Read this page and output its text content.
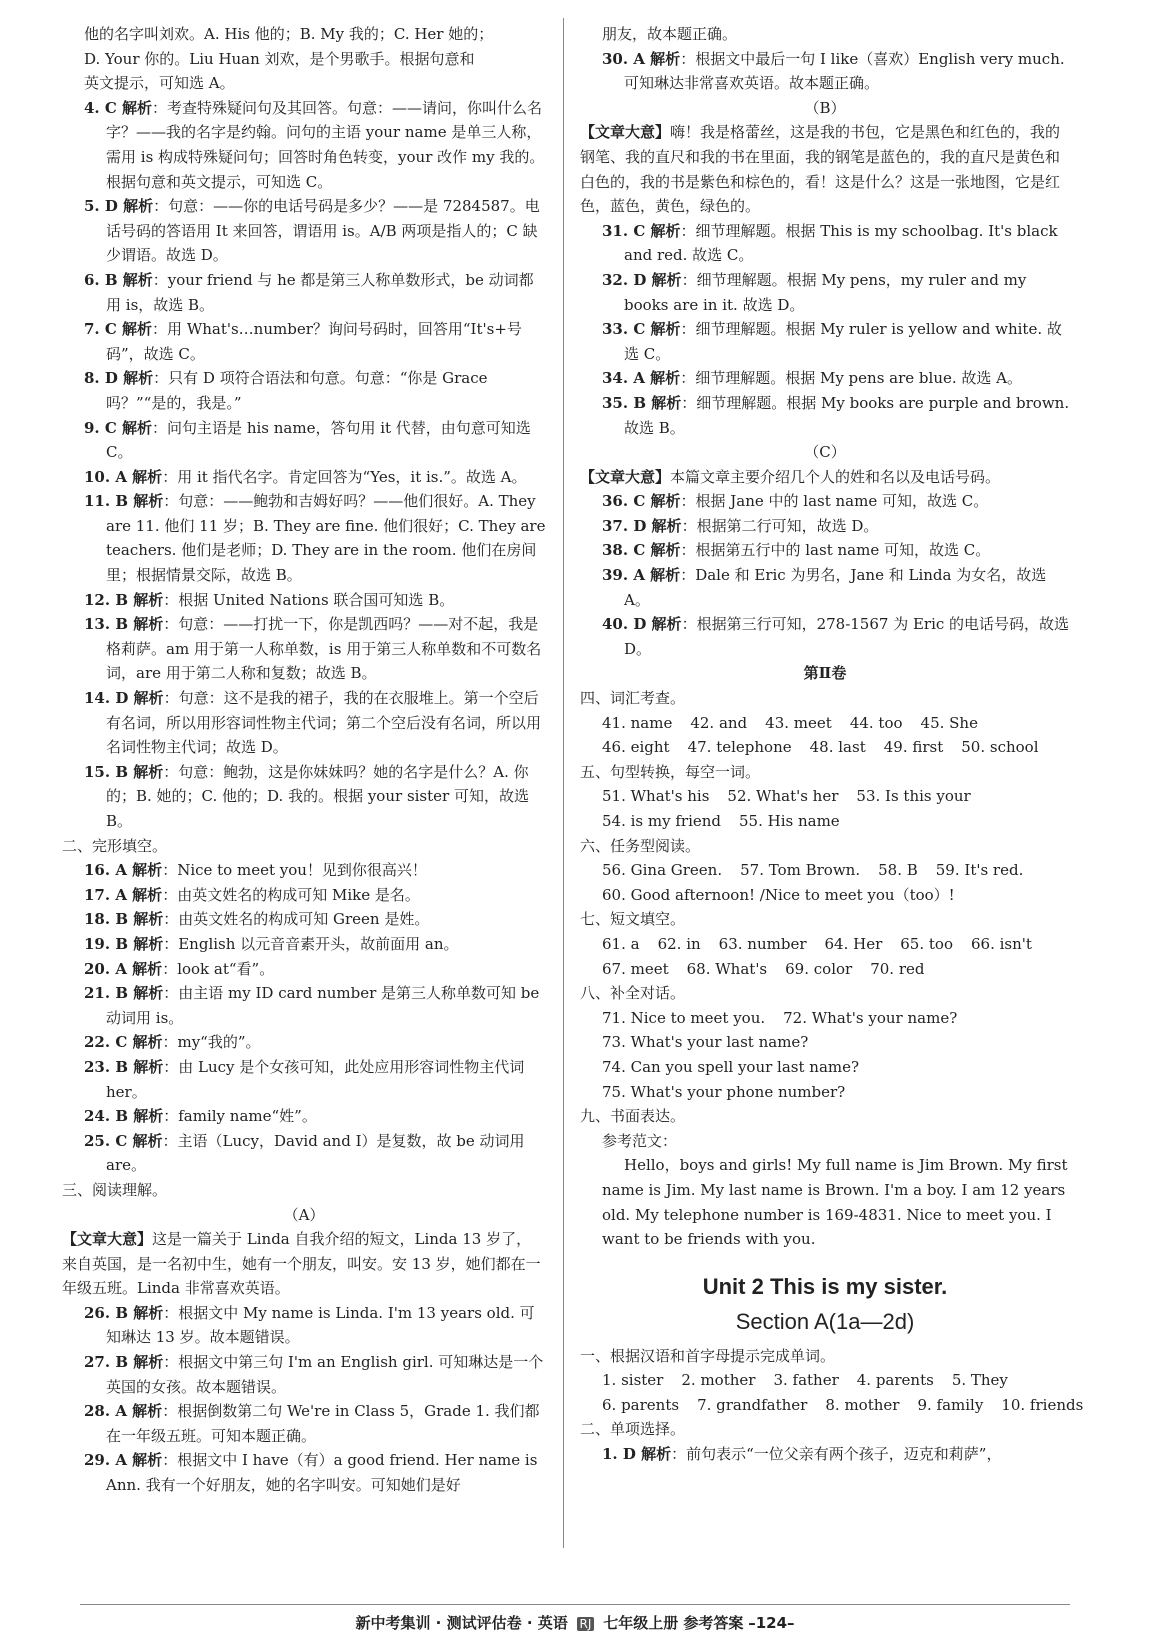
他的名字叫刘欢。A. His 他的；B. My 我的；C. Her 她的；
D. Your 你的。Liu Huan 刘欢，是个男歌手。根据句意和
英文提示，可知选 A。
4. C 解析：考查特殊疑问句及其回答。句意：——请问，你叫什么名字？——我的名字是约翰。问句的主语 your name 是单三人称，需用 is 构成特殊疑问句；回答时角色转变，your 改作 my 我的。根据句意和英文提示，可知选 C。
5. D 解析：句意：——你的电话号码是多少？——是 7284587。电话号码的答语用 It 来回答，谓语用 is。A/B 两项是指人的；C 缺少谓语。故选 D。
6. B 解析：your friend 与 he 都是第三人称单数形式，be 动词都用 is，故选 B。
7. C 解析：用 What's…number？询问号码时，回答用“It's+号码”，故选 C。
8. D 解析：只有 D 项符合语法和句意。句意：“你是 Grace 吗？”“是的，我是。”
9. C 解析：问句主语是 his name，答句用 it 代替，由句意可知选 C。
10. A 解析：用 it 指代名字。肯定回答为“Yes，it is.”。故选 A。
11. B 解析：句意：——鲍勃和吉姆好吗？——他们很好。A. They are 11. 他们 11 岁；B. They are fine. 他们很好；C. They are teachers. 他们是老师；D. They are in the room. 他们在房间里；根据情景交际，故选 B。
12. B 解析：根据 United Nations 联合国可知选 B。
13. B 解析：句意：——打扰一下，你是凯西吗？——对不起，我是格莉萨。am 用于第一人称单数，is 用于第三人称单数和不可数名词，are 用于第二人称和复数；故选 B。
14. D 解析：句意：这不是我的裙子，我的在衣服堆上。第一个空后有名词，所以用形容词性物主代词；第二个空后没有名词，所以用名词性物主代词；故选 D。
15. B 解析：句意：鲍勃，这是你妹妹吗？她的名字是什么？A. 你的；B. 她的；C. 他的；D. 我的。根据 your sister 可知，故选 B。
二、完形填空。
16. A 解析：Nice to meet you！见到你很高兴！
17. A 解析：由英文姓名的构成可知 Mike 是名。
18. B 解析：由英文姓名的构成可知 Green 是姓。
19. B 解析：English 以元音音素开头，故前面用 an。
20. A 解析：look at“看”。
21. B 解析：由主语 my ID card number 是第三人称单数可知 be 动词用 is。
22. C 解析：my“我的”。
23. B 解析：由 Lucy 是个女孩可知，此处应用形容词性物主代词 her。
24. B 解析：family name“姓”。
25. C 解析：主语（Lucy，David and I）是复数，故 be 动词用 are。
三、阅读理解。
（A）
【文章大意】这是一篇关于 Linda 自我介绍的短文，Linda 13 岁了，来自英国，是一名初中生，她有一个朋友，叫安。安 13 岁，她们都在一年级五班。Linda 非常喜欢英语。
26. B 解析：根据文中 My name is Linda. I'm 13 years old. 可知琳达 13 岁。故本题错误。
27. B 解析：根据文中第三句 I'm an English girl. 可知琳达是一个英国的女孩。故本题错误。
28. A 解析：根据倒数第二句 We're in Class 5，Grade 1. 我们都在一年级五班。可知本题正确。
29. A 解析：根据文中 I have（有）a good friend. Her name is Ann. 我有一个好朋友，她的名字叫安。可知她们是好
朋友，故本题正确。
30. A 解析：根据文中最后一句 I like（喜欢）English very much. 可知琳达非常喜欢英语。故本题正确。
（B）
【文章大意】嗨！我是格蕾丝，这是我的书包，它是黑色和红色的，我的钢笔、我的直尺和我的书在里面，我的钢笔是蓝色的，我的直尺是黄色和白色的，我的书是紫色和棕色的，看！这是什么？这是一张地图，它是红色，蓝色，黄色，绿色的。
31. C 解析：细节理解题。根据 This is my schoolbag. It's black and red. 故选 C。
32. D 解析：细节理解题。根据 My pens，my ruler and my books are in it. 故选 D。
33. C 解析：细节理解题。根据 My ruler is yellow and white. 故选 C。
34. A 解析：细节理解题。根据 My pens are blue. 故选 A。
35. B 解析：细节理解题。根据 My books are purple and brown. 故选 B。
（C）
【文章大意】本篇文章主要介绍几个人的姓和名以及电话号码。
36. C 解析：根据 Jane 中的 last name 可知，故选 C。
37. D 解析：根据第二行可知，故选 D。
38. C 解析：根据第五行中的 last name 可知，故选 C。
39. A 解析：Dale 和 Eric 为男名，Jane 和 Linda 为女名，故选 A。
40. D 解析：根据第三行可知，278-1567 为 Eric 的电话号码，故选 D。
第Ⅱ卷
四、词汇考查。
41. name 42. and 43. meet 44. too 45. She
46. eight 47. telephone 48. last 49. first 50. school
五、句型转换，每空一词。
51. What's his 52. What's her 53. Is this your
54. is my friend 55. His name
六、任务型阅读。
56. Gina Green. 57. Tom Brown. 58. B 59. It's red.
60. Good afternoon! /Nice to meet you（too）!
七、短文填空。
61. a 62. in 63. number 64. Her 65. too 66. isn't
67. meet 68. What's 69. color 70. red
八、补全对话。
71. Nice to meet you. 72. What's your name?
73. What's your last name?
74. Can you spell your last name?
75. What's your phone number?
九、书面表达。
参考范文：
Hello，boys and girls! My full name is Jim Brown. My first name is Jim. My last name is Brown. I'm a boy. I am 12 years old. My telephone number is 169-4831. Nice to meet you. I want to be friends with you.
Unit 2 This is my sister.
Section A(1a—2d)
一、根据汉语和首字母提示完成单词。
1. sister 2. mother 3. father 4. parents 5. They
6. parents 7. grandfather 8. mother 9. family 10. friends
二、单项选择。
1. D 解析：前句表示“一位父亲有两个孩子，迈克和莉萨”，
新中考集训 · 测试评估卷 · 英语 RJ 七年级上册 参考答案 –124–
